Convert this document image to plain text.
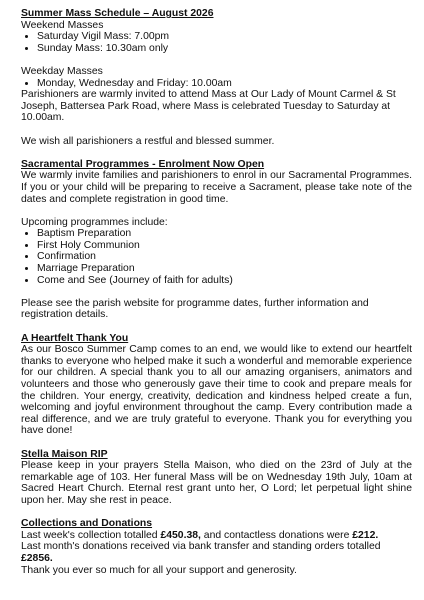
Summer Mass Schedule – August 2026
Weekend Masses
• Saturday Vigil Mass: 7.00pm
• Sunday Mass: 10.30am only
Weekday Masses
• Monday, Wednesday and Friday: 10.00am
Parishioners are warmly invited to attend Mass at Our Lady of Mount Carmel & St Joseph, Battersea Park Road, where Mass is celebrated Tuesday to Saturday at 10.00am.
We wish all parishioners a restful and blessed summer.
Sacramental Programmes - Enrolment Now Open
We warmly invite families and parishioners to enrol in our Sacramental Programmes. If you or your child will be preparing to receive a Sacrament, please take note of the dates and complete registration in good time.
Upcoming programmes include:
• Baptism Preparation
• First Holy Communion
• Confirmation
• Marriage Preparation
• Come and See (Journey of faith for adults)
Please see the parish website for programme dates, further information and registration details.
A Heartfelt Thank You
As our Bosco Summer Camp comes to an end, we would like to extend our heartfelt thanks to everyone who helped make it such a wonderful and memorable experience for our children. A special thank you to all our amazing organisers, animators and volunteers and those who generously gave their time to cook and prepare meals for the children. Your energy, creativity, dedication and kindness helped create a fun, welcoming and joyful environment throughout the camp. Every contribution made a real difference, and we are truly grateful to everyone. Thank you for everything you have done!
Stella Maison RIP
Please keep in your prayers Stella Maison, who died on the 23rd of July at the remarkable age of 103. Her funeral Mass will be on Wednesday 19th July, 10am at Sacred Heart Church. Eternal rest grant unto her, O Lord; let perpetual light shine upon her. May she rest in peace.
Collections and Donations
Last week's collection totalled £450.38, and contactless donations were £212.
Last month's donations received via bank transfer and standing orders totalled £2856.
Thank you ever so much for all your support and generosity.
